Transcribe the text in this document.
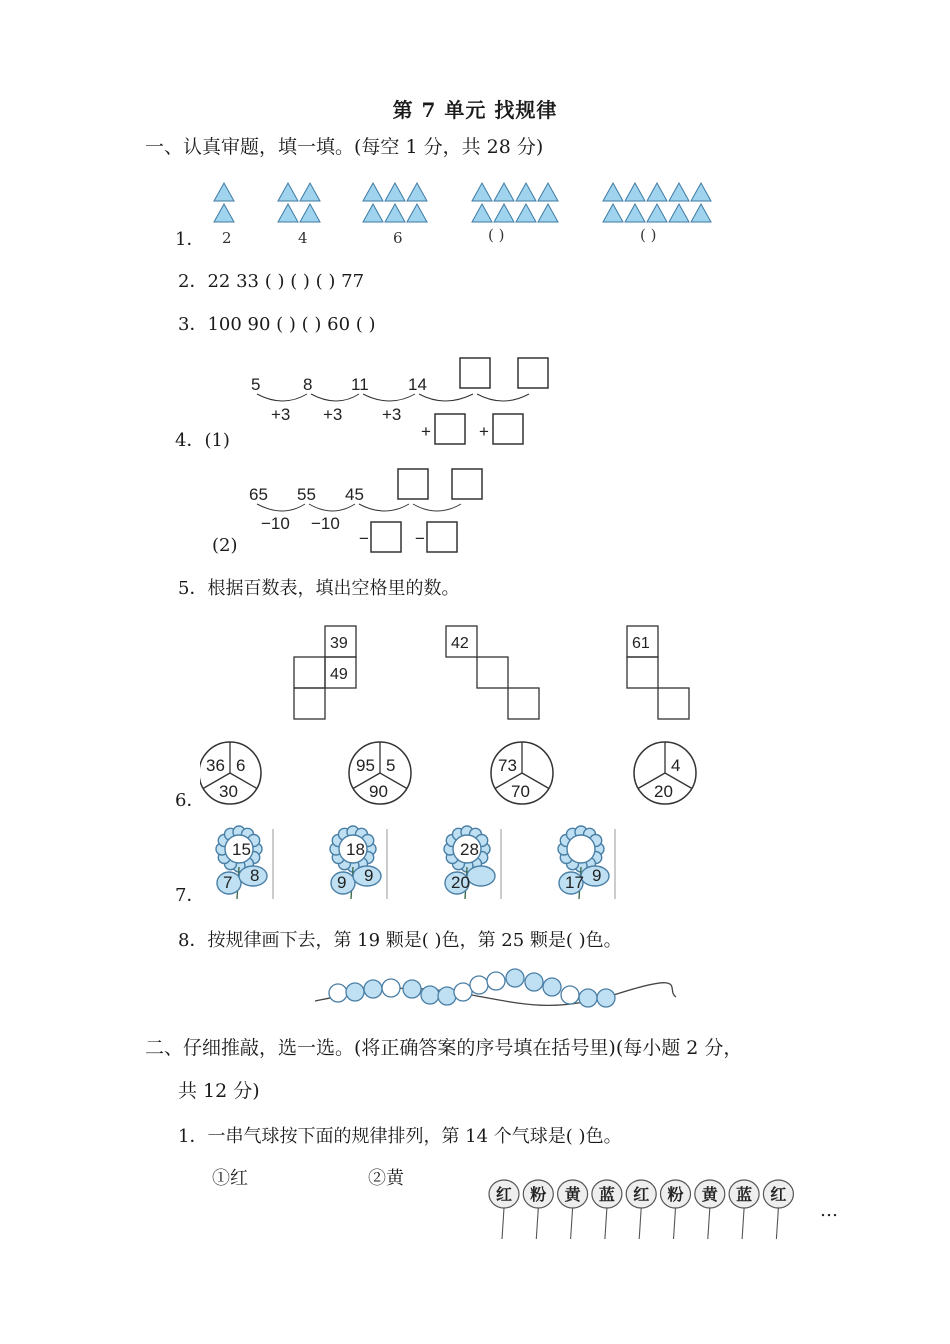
第 7 单元 找规律
一、认真审题，填一填。(每空 1 分，共 28 分)
1． 2	4	6	( )	( )
2．22 33 ( ) ( ) ( ) 77
3．100 90 ( ) ( ) 60 ( )
4．(1)
5	8 11 14
+3 +3 +3
+	+
(2)
65 55 45
−10 −10
−	−
5．根据百数表，填出空格里的数。
39
49
42	61
6．
36 6
30
95 5
90
73
70
4
20
7．
15
7 8
18
9 9
28
20	17 9
8．按规律画下去，第 19 颗是( )色，第 25 颗是( )色。
二、仔细推敲，选一选。(将正确答案的序号填在括号里)(每小题 2 分，
共 12 分)
1．一串气球按下面的规律排列，第 14 个气球是( )色。
①红	②黄
红 粉 黄 蓝 红 粉 黄 蓝 红
…
